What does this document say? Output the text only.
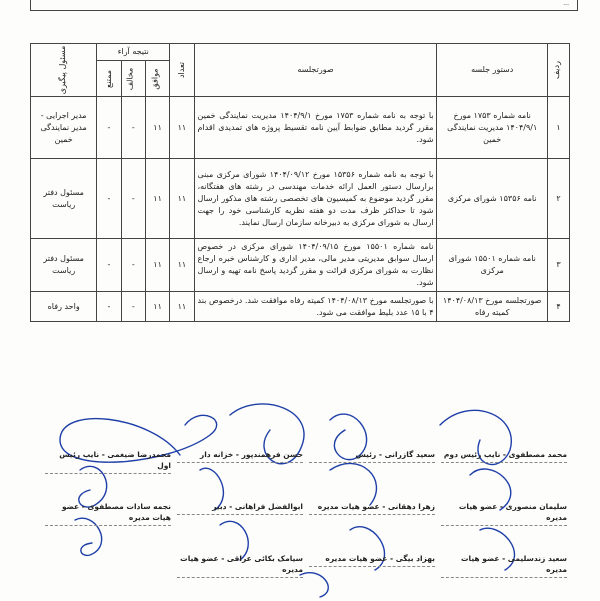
...
ردیف	دستور جلسه	صورتجلسه	تعداد	نتیجه آراء			مسئول پیگیری
				موافق	مخالف	ممتنع	
۱	نامه شماره ۱۷۵۳ مورخ ۱۴۰۴/۹/۱ مدیریت نمایندگی خمین	با توجه به نامه شماره ۱۷۵۳ مورخ ۱۴۰۴/۹/۱ مدیریت نمایندگی خمین مقرر گردید مطابق ضوابط آیین نامه تقسیط پروژه های تمدیدی اقدام شود.	۱۱	۱۱	-	-	مدیر اجرایی - مدیر نمایندگی خمین
۲	نامه ۱۵۳۵۶ شورای مرکزی	با توجه به نامه شماره ۱۵۳۵۶ مورخ ۱۴۰۴/۰۹/۱۲ شورای مرکزی مبنی برارسال دستور العمل ارائه خدمات مهندسی در رشته های هفتگانه، مقرر گردید موضوع به کمیسیون های تخصصی رشته های مذکور ارسال شود تا حداکثر ظرف مدت دو هفته نظریه کارشناسی خود را جهت ارسال به شورای مرکزی به دبیرخانه سازمان ارسال نمایند.	۱۱	۱۱	-	-	مسئول دفتر ریاست
۳	نامه شماره ۱۵۵۰۱ شورای مرکزی	نامه شماره ۱۵۵۰۱ مورخ ۱۴۰۴/۰۹/۱۵ شورای مرکزی در خصوص ارسال سوابق مدیریتی مدیر مالی، مدیر اداری و کارشناس خبره ارجاع نظارت به شورای مرکزی قرائت و مقرر گردید پاسخ نامه تهیه و ارسال شود.	۱۱	۱۱	-	-	مسئول دفتر ریاست
۴	صورتجلسه مورخ ۱۴۰۴/۰۸/۱۳ کمیته رفاه	با صورتجلسه مورخ ۱۴۰۴/۰۸/۱۳ کمیته رفاه موافقت شد. درخصوص بند ۴ با ۱۵ عدد بلیط موافقت می شود.	۱۱	۱۱	-	-	واحد رفاه
محمد مصطفوی - نایب رئیس دوم
سعید گازرانی - رئیس
حسن فرهمندپور - خزانه دار
محمدرضا ضیغمی - نایب رئیس اول
سلیمان منصوری - عضو هیات مدیره
زهرا دهقانی - عضو هیات مدیره
ابوالفضل فراهانی - دبیر
نجمه سادات مصطفوی - عضو هیات مدیره
سعید زندسلیمی - عضو هیات مدیره
بهزاد بیگی - عضو هیات مدیره
سیامک بکائی عراقی - عضو هیات مدیره
